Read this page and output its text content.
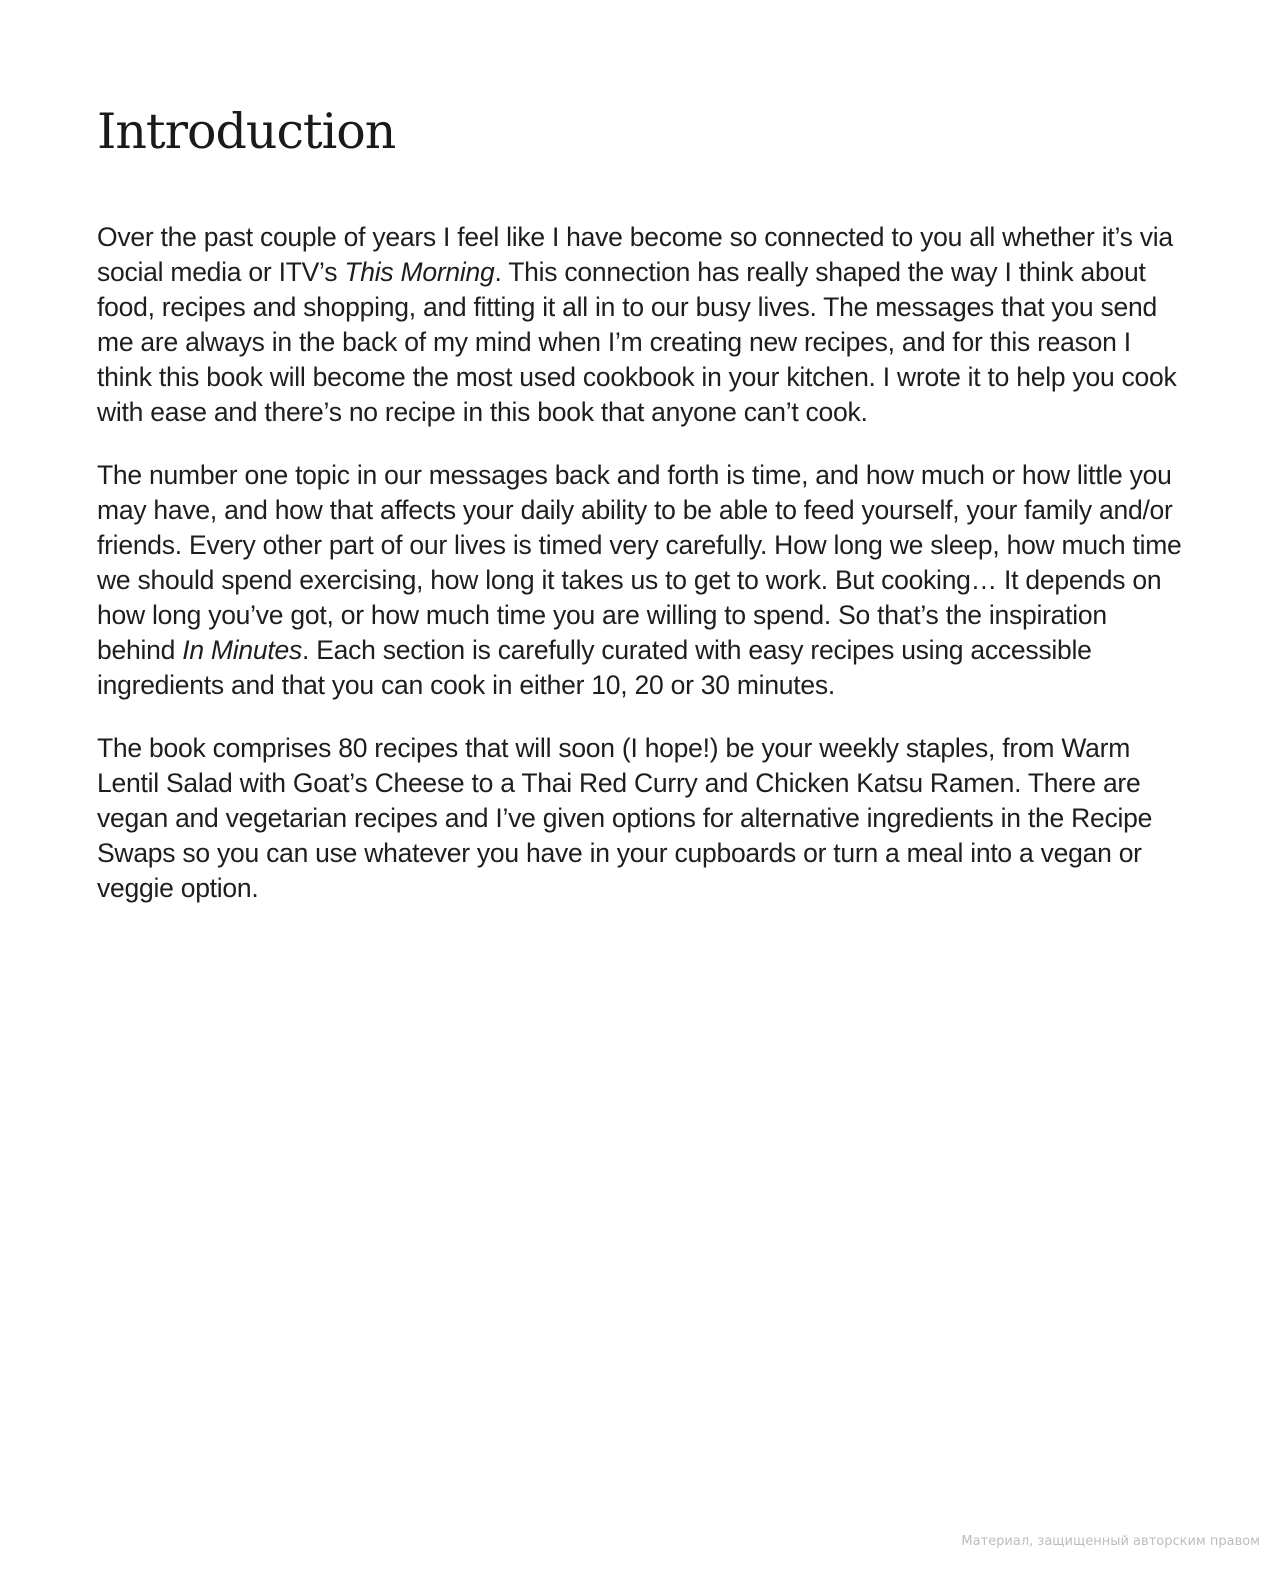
Introduction

Over the past couple of years I feel like I have become so connected to you all whether it’s via social media or ITV’s This Morning. This connection has really shaped the way I think about food, recipes and shopping, and fitting it all in to our busy lives. The messages that you send me are always in the back of my mind when I’m creating new recipes, and for this reason I think this book will become the most used cookbook in your kitchen. I wrote it to help you cook with ease and there’s no recipe in this book that anyone can’t cook.

The number one topic in our messages back and forth is time, and how much or how little you may have, and how that affects your daily ability to be able to feed yourself, your family and/or friends. Every other part of our lives is timed very carefully. How long we sleep, how much time we should spend exercising, how long it takes us to get to work. But cooking… It depends on how long you’ve got, or how much time you are willing to spend. So that’s the inspiration behind In Minutes. Each section is carefully curated with easy recipes using accessible ingredients and that you can cook in either 10, 20 or 30 minutes.

The book comprises 80 recipes that will soon (I hope!) be your weekly staples, from Warm Lentil Salad with Goat’s Cheese to a Thai Red Curry and Chicken Katsu Ramen. There are vegan and vegetarian recipes and I’ve given options for alternative ingredients in the Recipe Swaps so you can use whatever you have in your cupboards or turn a meal into a vegan or veggie option.

Материал, защищенный авторским правом
